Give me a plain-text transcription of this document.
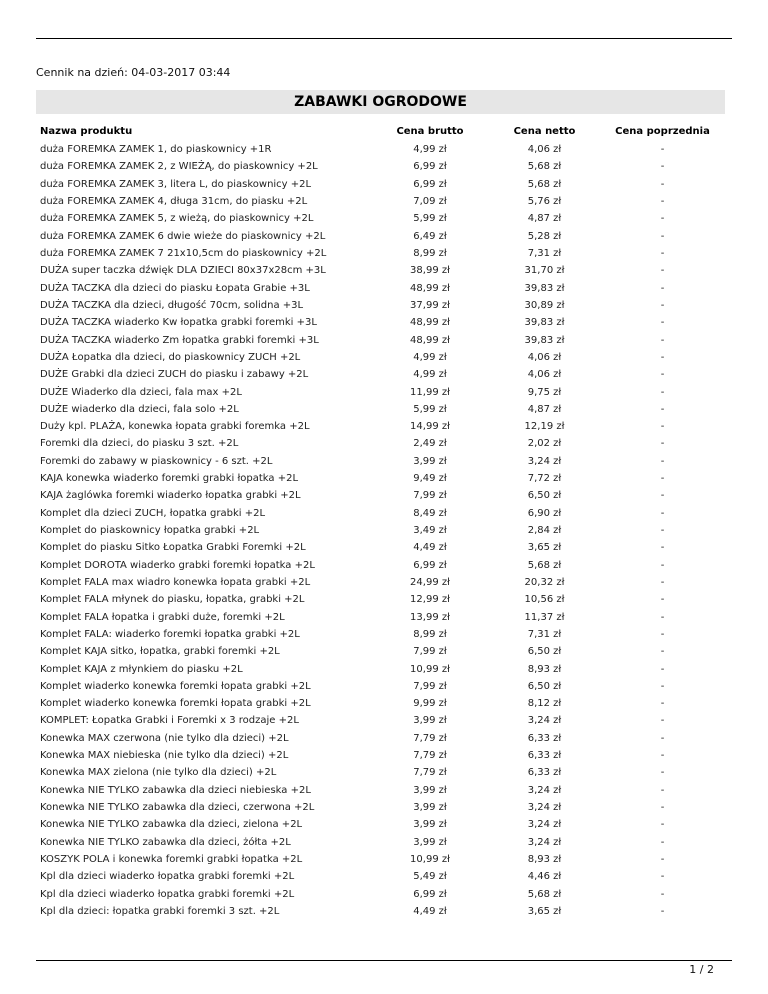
Cennik na dzień: 04-03-2017 03:44
ZABAWKI OGRODOWE
Nazwa produktu	Cena brutto	Cena netto	Cena poprzednia
duża FOREMKA ZAMEK 1, do piaskownicy +1R	4,99 zł	4,06 zł	-
duża FOREMKA ZAMEK 2, z WIEŻĄ, do piaskownicy +2L	6,99 zł	5,68 zł	-
duża FOREMKA ZAMEK 3, litera L, do piaskownicy +2L	6,99 zł	5,68 zł	-
duża FOREMKA ZAMEK 4, długa 31cm, do piasku +2L	7,09 zł	5,76 zł	-
duża FOREMKA ZAMEK 5, z wieżą, do piaskownicy +2L	5,99 zł	4,87 zł	-
duża FOREMKA ZAMEK 6 dwie wieże do piaskownicy +2L	6,49 zł	5,28 zł	-
duża FOREMKA ZAMEK 7 21x10,5cm do piaskownicy +2L	8,99 zł	7,31 zł	-
DUŻA super taczka dźwięk DLA DZIECI 80x37x28cm +3L	38,99 zł	31,70 zł	-
DUŻA TACZKA dla dzieci do piasku Łopata Grabie +3L	48,99 zł	39,83 zł	-
DUŻA TACZKA dla dzieci, długość 70cm, solidna +3L	37,99 zł	30,89 zł	-
DUŻA TACZKA wiaderko Kw łopatka grabki foremki +3L	48,99 zł	39,83 zł	-
DUŻA TACZKA wiaderko Zm łopatka grabki foremki +3L	48,99 zł	39,83 zł	-
DUŻA Łopatka dla dzieci, do piaskownicy ZUCH +2L	4,99 zł	4,06 zł	-
DUŻE Grabki dla dzieci ZUCH do piasku i zabawy +2L	4,99 zł	4,06 zł	-
DUŻE Wiaderko dla dzieci, fala max +2L	11,99 zł	9,75 zł	-
DUŻE wiaderko dla dzieci, fala solo +2L	5,99 zł	4,87 zł	-
Duży kpl. PLAŻA, konewka łopata grabki foremka +2L	14,99 zł	12,19 zł	-
Foremki dla dzieci, do piasku 3 szt. +2L	2,49 zł	2,02 zł	-
Foremki do zabawy w piaskownicy - 6 szt. +2L	3,99 zł	3,24 zł	-
KAJA konewka wiaderko foremki grabki łopatka +2L	9,49 zł	7,72 zł	-
KAJA żaglówka foremki wiaderko łopatka grabki +2L	7,99 zł	6,50 zł	-
Komplet dla dzieci ZUCH, łopatka grabki +2L	8,49 zł	6,90 zł	-
Komplet do piaskownicy łopatka grabki +2L	3,49 zł	2,84 zł	-
Komplet do piasku Sitko Łopatka Grabki Foremki +2L	4,49 zł	3,65 zł	-
Komplet DOROTA wiaderko grabki foremki łopatka +2L	6,99 zł	5,68 zł	-
Komplet FALA max wiadro konewka łopata grabki +2L	24,99 zł	20,32 zł	-
Komplet FALA młynek do piasku, łopatka, grabki +2L	12,99 zł	10,56 zł	-
Komplet FALA łopatka i grabki duże, foremki +2L	13,99 zł	11,37 zł	-
Komplet FALA: wiaderko foremki łopatka grabki +2L	8,99 zł	7,31 zł	-
Komplet KAJA sitko, łopatka, grabki foremki +2L	7,99 zł	6,50 zł	-
Komplet KAJA z młynkiem do piasku +2L	10,99 zł	8,93 zł	-
Komplet wiaderko konewka foremki łopata grabki +2L	7,99 zł	6,50 zł	-
Komplet wiaderko konewka foremki łopata grabki +2L	9,99 zł	8,12 zł	-
KOMPLET: Łopatka Grabki i Foremki x 3 rodzaje +2L	3,99 zł	3,24 zł	-
Konewka MAX czerwona (nie tylko dla dzieci) +2L	7,79 zł	6,33 zł	-
Konewka MAX niebieska (nie tylko dla dzieci) +2L	7,79 zł	6,33 zł	-
Konewka MAX zielona (nie tylko dla dzieci) +2L	7,79 zł	6,33 zł	-
Konewka NIE TYLKO zabawka dla dzieci niebieska +2L	3,99 zł	3,24 zł	-
Konewka NIE TYLKO zabawka dla dzieci, czerwona +2L	3,99 zł	3,24 zł	-
Konewka NIE TYLKO zabawka dla dzieci, zielona +2L	3,99 zł	3,24 zł	-
Konewka NIE TYLKO zabawka dla dzieci, żółta +2L	3,99 zł	3,24 zł	-
KOSZYK POLA i konewka foremki grabki łopatka +2L	10,99 zł	8,93 zł	-
Kpl dla dzieci wiaderko łopatka grabki foremki +2L	5,49 zł	4,46 zł	-
Kpl dla dzieci wiaderko łopatka grabki foremki +2L	6,99 zł	5,68 zł	-
Kpl dla dzieci: łopatka grabki foremki 3 szt. +2L	4,49 zł	3,65 zł	-
1 / 2
